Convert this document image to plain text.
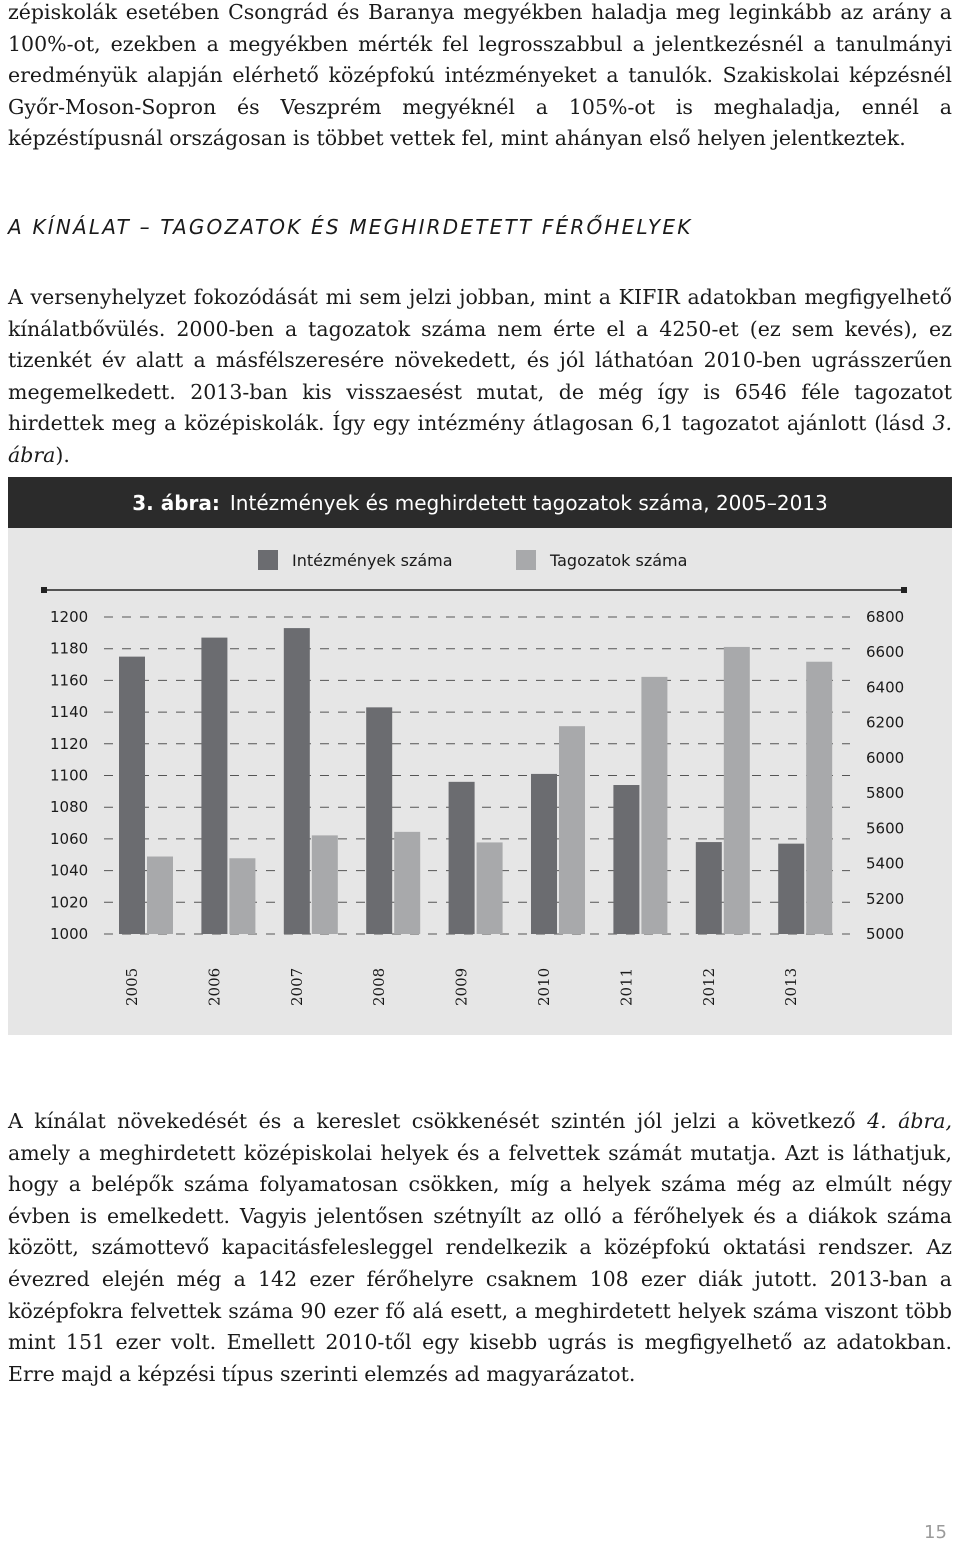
zépiskolák esetében Csongrád és Baranya megyékben haladja meg leginkább az arány a 100%-ot, ezekben a megyékben mérték fel legrosszabbul a jelentkezésnél a tanulmányi eredményük alapján elérhető középfokú intézményeket a tanulók. Szakiskolai képzésnél Győr-Moson-Sopron és Veszprém megyéknél a 105%-ot is meghaladja, ennél a képzéstípusnál országosan is többet vettek fel, mint ahányan első helyen jelentkeztek.

A KÍNÁLAT – TAGOZATOK ÉS MEGHIRDETETT FÉRŐHELYEK

A versenyhelyzet fokozódását mi sem jelzi jobban, mint a KIFIR adatokban megfigyelhető kínálatbővülés. 2000-ben a tagozatok száma nem érte el a 4250-et (ez sem kevés), ez tizenkét év alatt a másfélszeresére növekedett, és jól láthatóan 2010-ben ugrásszerűen megemelkedett. 2013-ban kis visszaesést mutat, de még így is 6546 féle tagozatot hirdettek meg a középiskolák. Így egy intézmény átlagosan 6,1 tagozatot ajánlott (lásd 3. ábra).

3. ábra: Intézmények és meghirdetett tagozatok száma, 2005–2013
Intézmények száma	Tagozatok száma
1200
1180
1160
1140
1120
1100
1080
1060
1040
1020
1000
6800
6600
6400
6200
6000
5800
5600
5400
5200
5000
2005	2006	2007	2008	2009	2010	2011	2012	2013

A kínálat növekedését és a kereslet csökkenését szintén jól jelzi a következő 4. ábra, amely a meghirdetett középiskolai helyek és a felvettek számát mutatja. Azt is láthatjuk, hogy a belépők száma folyamatosan csökken, míg a helyek száma még az elmúlt négy évben is emelkedett. Vagyis jelentősen szétnyílt az olló a férőhelyek és a diákok száma között, számottevő kapacitásfelesleggel rendelkezik a középfokú oktatási rendszer. Az évezred elején még a 142 ezer férőhelyre csaknem 108 ezer diák jutott. 2013-ban a középfokra felvettek száma 90 ezer fő alá esett, a meghirdetett helyek száma viszont több mint 151 ezer volt. Emellett 2010-től egy kisebb ugrás is megfigyelhető az adatokban. Erre majd a képzési típus szerinti elemzés ad magyarázatot.

15
